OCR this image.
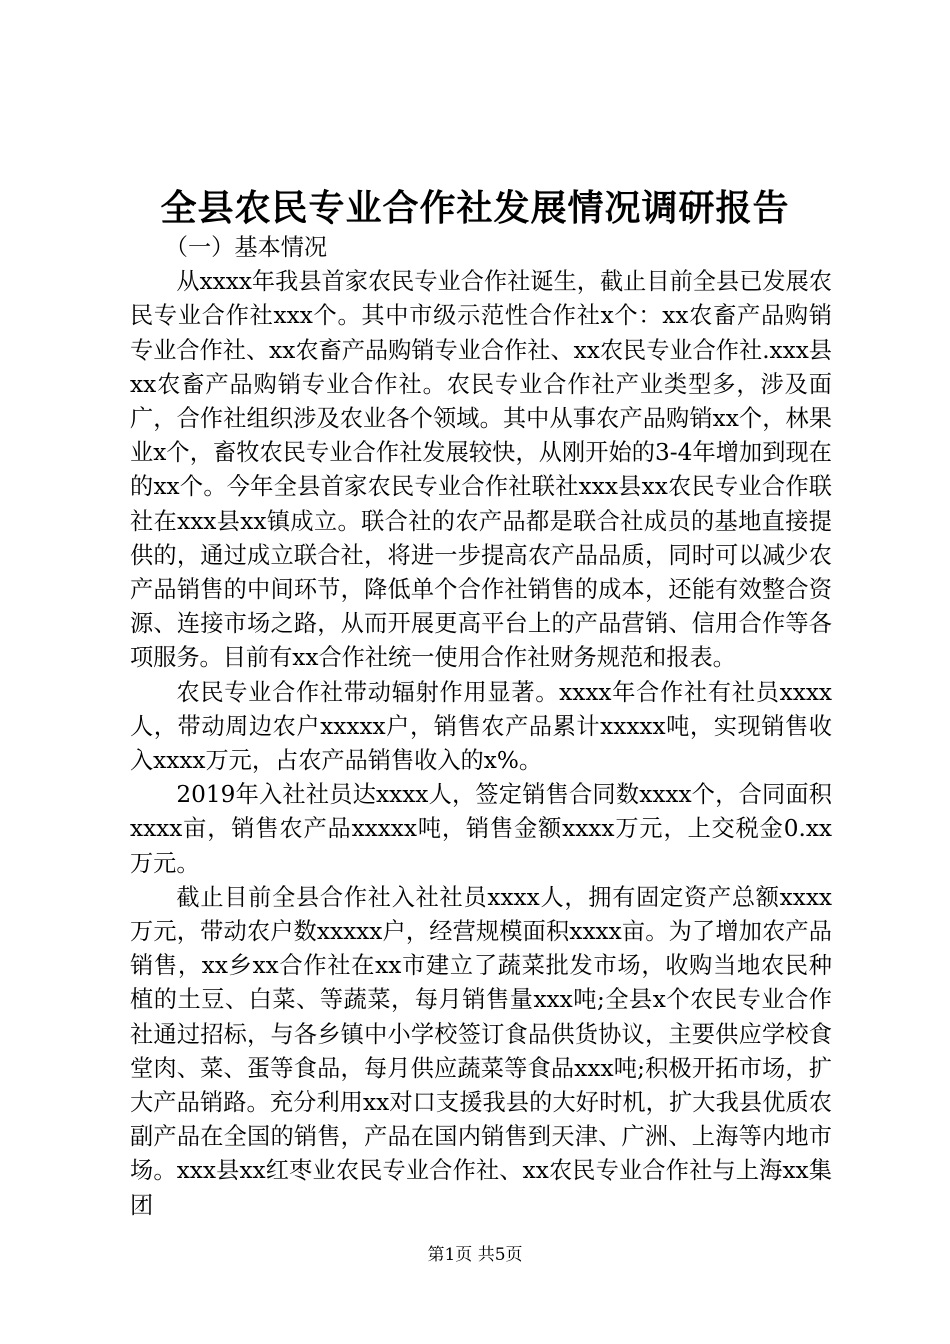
全县农民专业合作社发展情况调研报告

（一）基本情况

从xxxx年我县首家农民专业合作社诞生，截止目前全县已发展农民专业合作社xxx个。其中市级示范性合作社x个：xx农畜产品购销专业合作社、xx农畜产品购销专业合作社、xx农民专业合作社.xxx县xx农畜产品购销专业合作社。农民专业合作社产业类型多，涉及面广，合作社组织涉及农业各个领域。其中从事农产品购销xx个，林果业x个，畜牧农民专业合作社发展较快，从刚开始的3-4年增加到现在的xx个。今年全县首家农民专业合作社联社xxx县xx农民专业合作联社在xxx县xx镇成立。联合社的农产品都是联合社成员的基地直接提供的，通过成立联合社，将进一步提高农产品品质，同时可以减少农产品销售的中间环节，降低单个合作社销售的成本，还能有效整合资源、连接市场之路，从而开展更高平台上的产品营销、信用合作等各项服务。目前有xx合作社统一使用合作社财务规范和报表。

农民专业合作社带动辐射作用显著。xxxx年合作社有社员xxxx人，带动周边农户xxxxx户，销售农产品累计xxxxx吨，实现销售收入xxxx万元，占农产品销售收入的x%。

2019年入社社员达xxxx人，签定销售合同数xxxx个，合同面积xxxx亩，销售农产品xxxxx吨，销售金额xxxx万元，上交税金0.xx万元。

截止目前全县合作社入社社员xxxx人，拥有固定资产总额xxxx万元，带动农户数xxxxx户，经营规模面积xxxx亩。为了增加农产品销售，xx乡xx合作社在xx市建立了蔬菜批发市场，收购当地农民种植的土豆、白菜、等蔬菜，每月销售量xxx吨;全县x个农民专业合作社通过招标，与各乡镇中小学校签订食品供货协议，主要供应学校食堂肉、菜、蛋等食品，每月供应蔬菜等食品xxx吨;积极开拓市场，扩大产品销路。充分利用xx对口支援我县的大好时机，扩大我县优质农副产品在全国的销售，产品在国内销售到天津、广洲、上海等内地市场。xxx县xx红枣业农民专业合作社、xx农民专业合作社与上海xx集团

第1页 共5页
